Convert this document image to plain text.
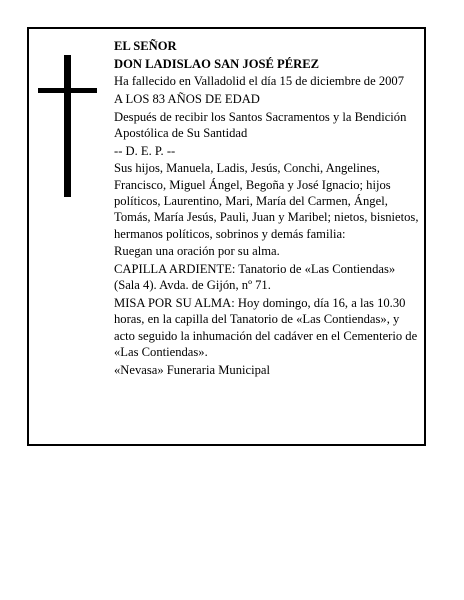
EL SEÑOR

DON LADISLAO SAN JOSÉ PÉREZ

Ha fallecido en Valladolid el día 15 de diciembre de 2007

A LOS 83 AÑOS DE EDAD

Después de recibir los Santos Sacramentos y la Bendición Apostólica de Su Santidad

-- D. E. P. --

Sus hijos, Manuela, Ladis, Jesús, Conchi, Angelines, Francisco, Miguel Ángel, Begoña y José Ignacio; hijos políticos, Laurentino, Mari, María del Carmen, Ángel, Tomás, María Jesús, Pauli, Juan y Maribel; nietos, bisnietos, hermanos políticos, sobrinos y demás familia:

Ruegan una oración por su alma.

CAPILLA ARDIENTE: Tanatorio de «Las Contiendas» (Sala 4). Avda. de Gijón, nº 71.

MISA POR SU ALMA: Hoy domingo, día 16, a las 10.30 horas, en la capilla del Tanatorio de «Las Contiendas», y acto seguido la inhumación del cadáver en el Cementerio de «Las Contiendas».

«Nevasa» Funeraria Municipal
